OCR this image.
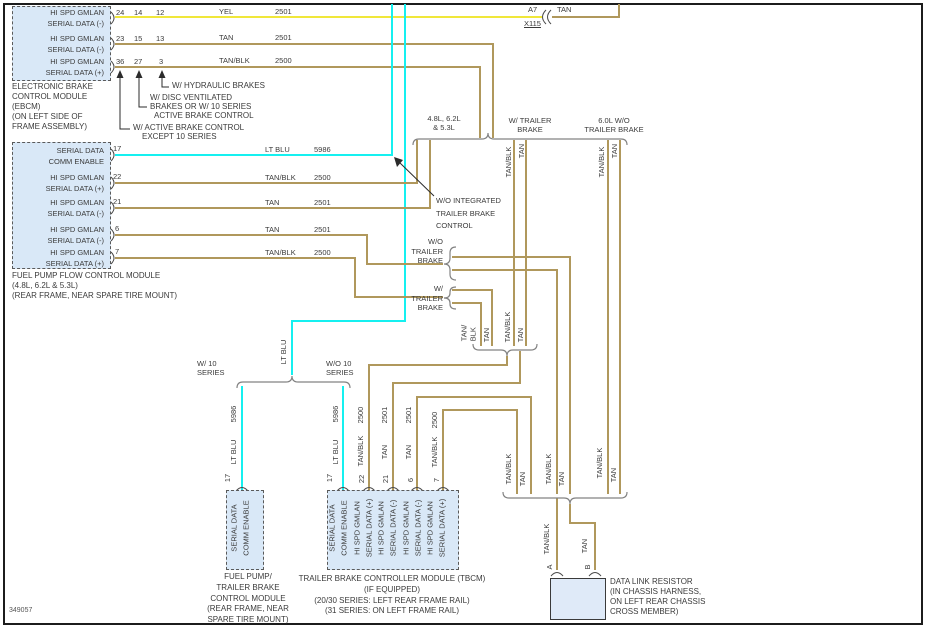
HI SPD GMLAN
SERIAL DATA (-)
HI SPD GMLAN
SERIAL DATA (-)
HI SPD GMLAN
SERIAL DATA (+)
24 14 12
23 15 13
36 27 3
YEL	2501
TAN	2501
TAN/BLK	2500
ELECTRONIC BRAKE
CONTROL MODULE
(EBCM)
(ON LEFT SIDE OF
FRAME ASSEMBLY)
W/ HYDRAULIC BRAKES
W/ DISC VENTILATED
BRAKES OR W/ 10 SERIES
ACTIVE BRAKE CONTROL
W/ ACTIVE BRAKE CONTROL
EXCEPT 10 SERIES
A7	TAN
X115
SERIAL DATA
COMM ENABLE
HI SPD GMLAN
SERIAL DATA (+)
HI SPD GMLAN
SERIAL DATA (-)
HI SPD GMLAN
SERIAL DATA (-)
HI SPD GMLAN
SERIAL DATA (+)
17
22
21
6
7
LT BLU	5986
TAN/BLK 2500
TAN	2501
TAN	2501
TAN/BLK 2500
FUEL PUMP FLOW CONTROL MODULE
(4.8L, 6.2L & 5.3L)
(REAR FRAME, NEAR SPARE TIRE MOUNT)
4.8L, 6.2L
& 5.3L
W/ TRAILER
BRAKE
6.0L W/O
TRAILER BRAKE
W/O INTEGRATED
TRAILER BRAKE
CONTROL
W/O
TRAILER
BRAKE
W/
TRAILER
BRAKE
W/ 10
SERIES
W/O 10
SERIES
TAN/BLK TAN	TAN/BLK TAN
TAN/ BLK TAN TAN/BLK TAN
TAN/BLK TAN TAN/BLK TAN
TAN/BLK TAN
TAN/BLK	TAN
LT BLU
5986
LT BLU
17
5986
LT BLU
17
2500
TAN/BLK
22
2501
TAN
21
2501
TAN
6
2500
TAN/BLK
7
SERIAL DATA COMM ENABLE	SERIAL DATA COMM ENABLE HI SPD GMLAN SERIAL DATA (+) HI SPD GMLAN SERIAL DATA (-) HI SPD GMLAN SERIAL DATA (-) HI SPD GMLAN SERIAL DATA (+)
FUEL PUMP/
TRAILER BRAKE
CONTROL MODULE
(REAR FRAME, NEAR
SPARE TIRE MOUNT)
TRAILER BRAKE CONTROLLER MODULE (TBCM)
(IF EQUIPPED)
(20/30 SERIES: LEFT REAR FRAME RAIL)
(31 SERIES: ON LEFT FRAME RAIL)
A	B
DATA LINK RESISTOR
(IN CHASSIS HARNESS,
ON LEFT REAR CHASSIS
CROSS MEMBER)
349057
